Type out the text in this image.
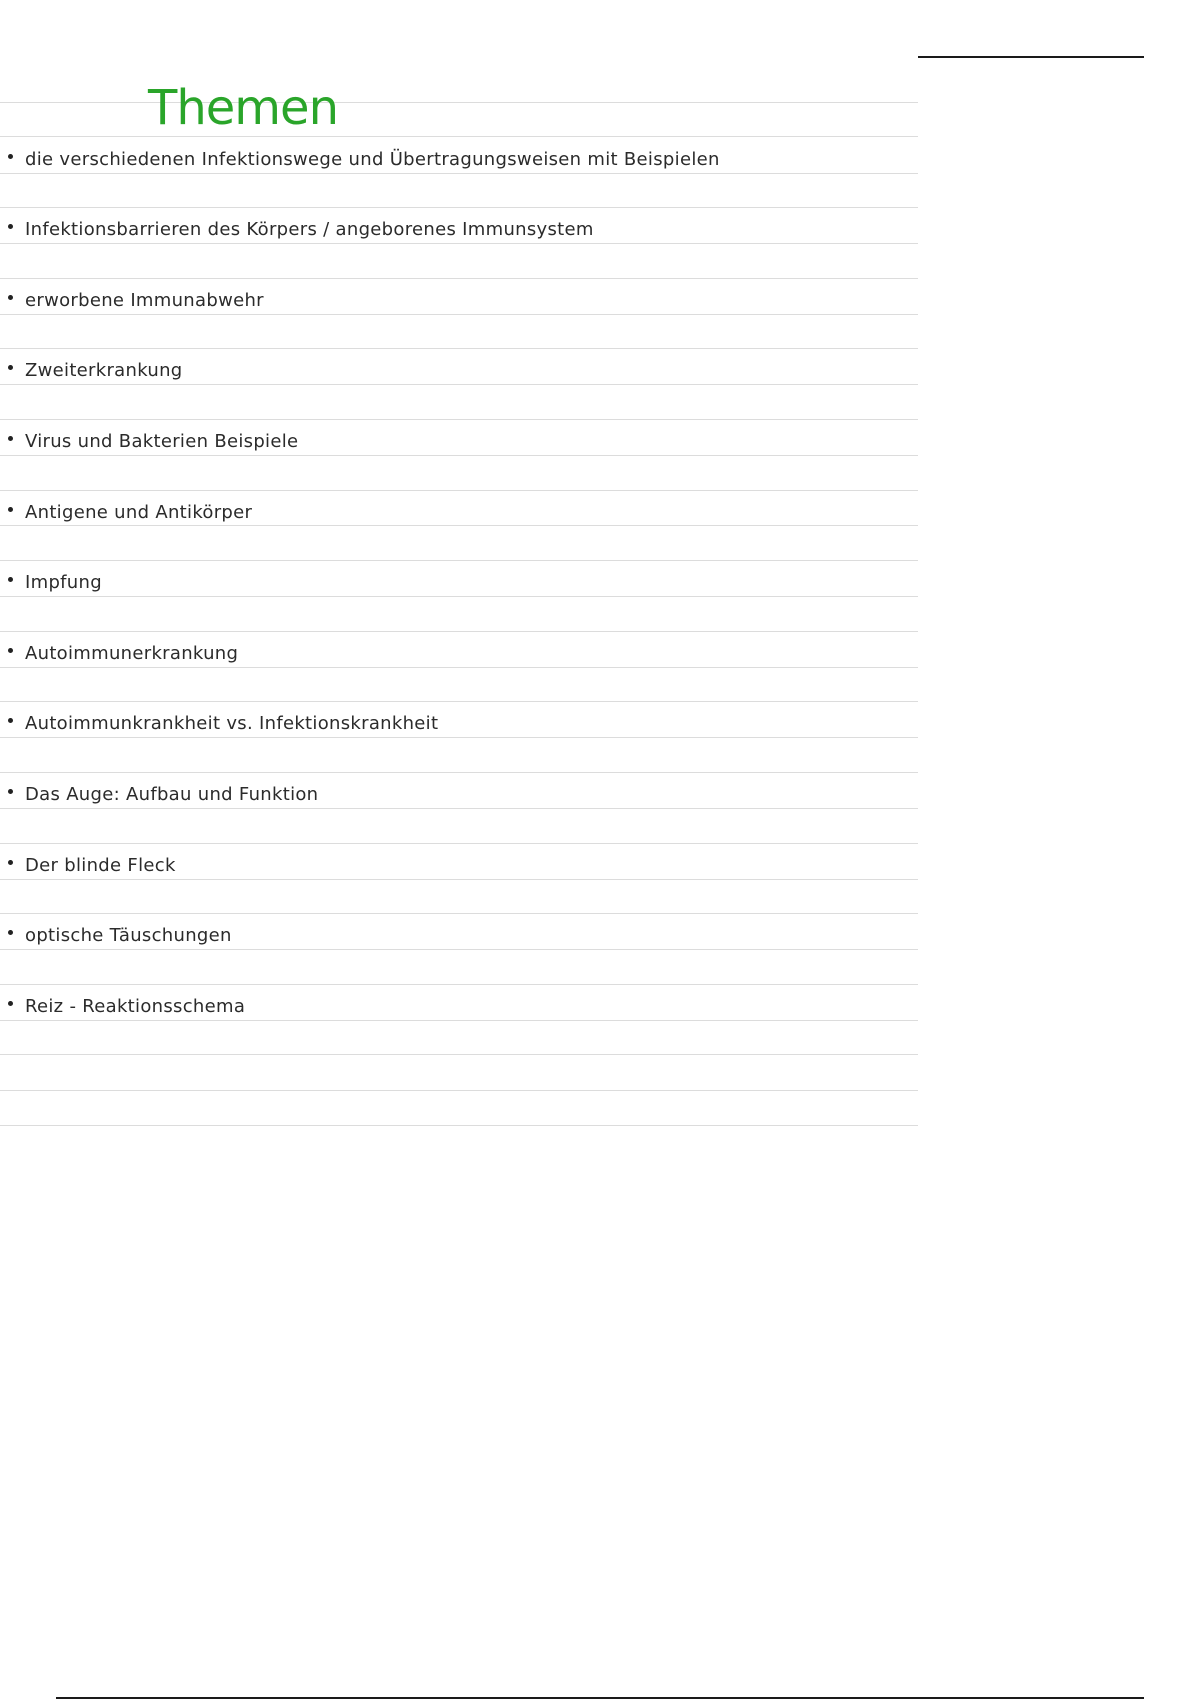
Themen
die verschiedenen Infektionswege und Übertragungsweisen mit Beispielen
Infektionsbarrieren des Körpers / angeborenes Immunsystem
erworbene Immunabwehr
Zweiterkrankung
Virus und Bakterien Beispiele
Antigene und Antikörper
Impfung
Autoimmunerkrankung
Autoimmunkrankheit vs. Infektionskrankheit
Das Auge: Aufbau und Funktion
Der blinde Fleck
optische Täuschungen
Reiz - Reaktionsschema
